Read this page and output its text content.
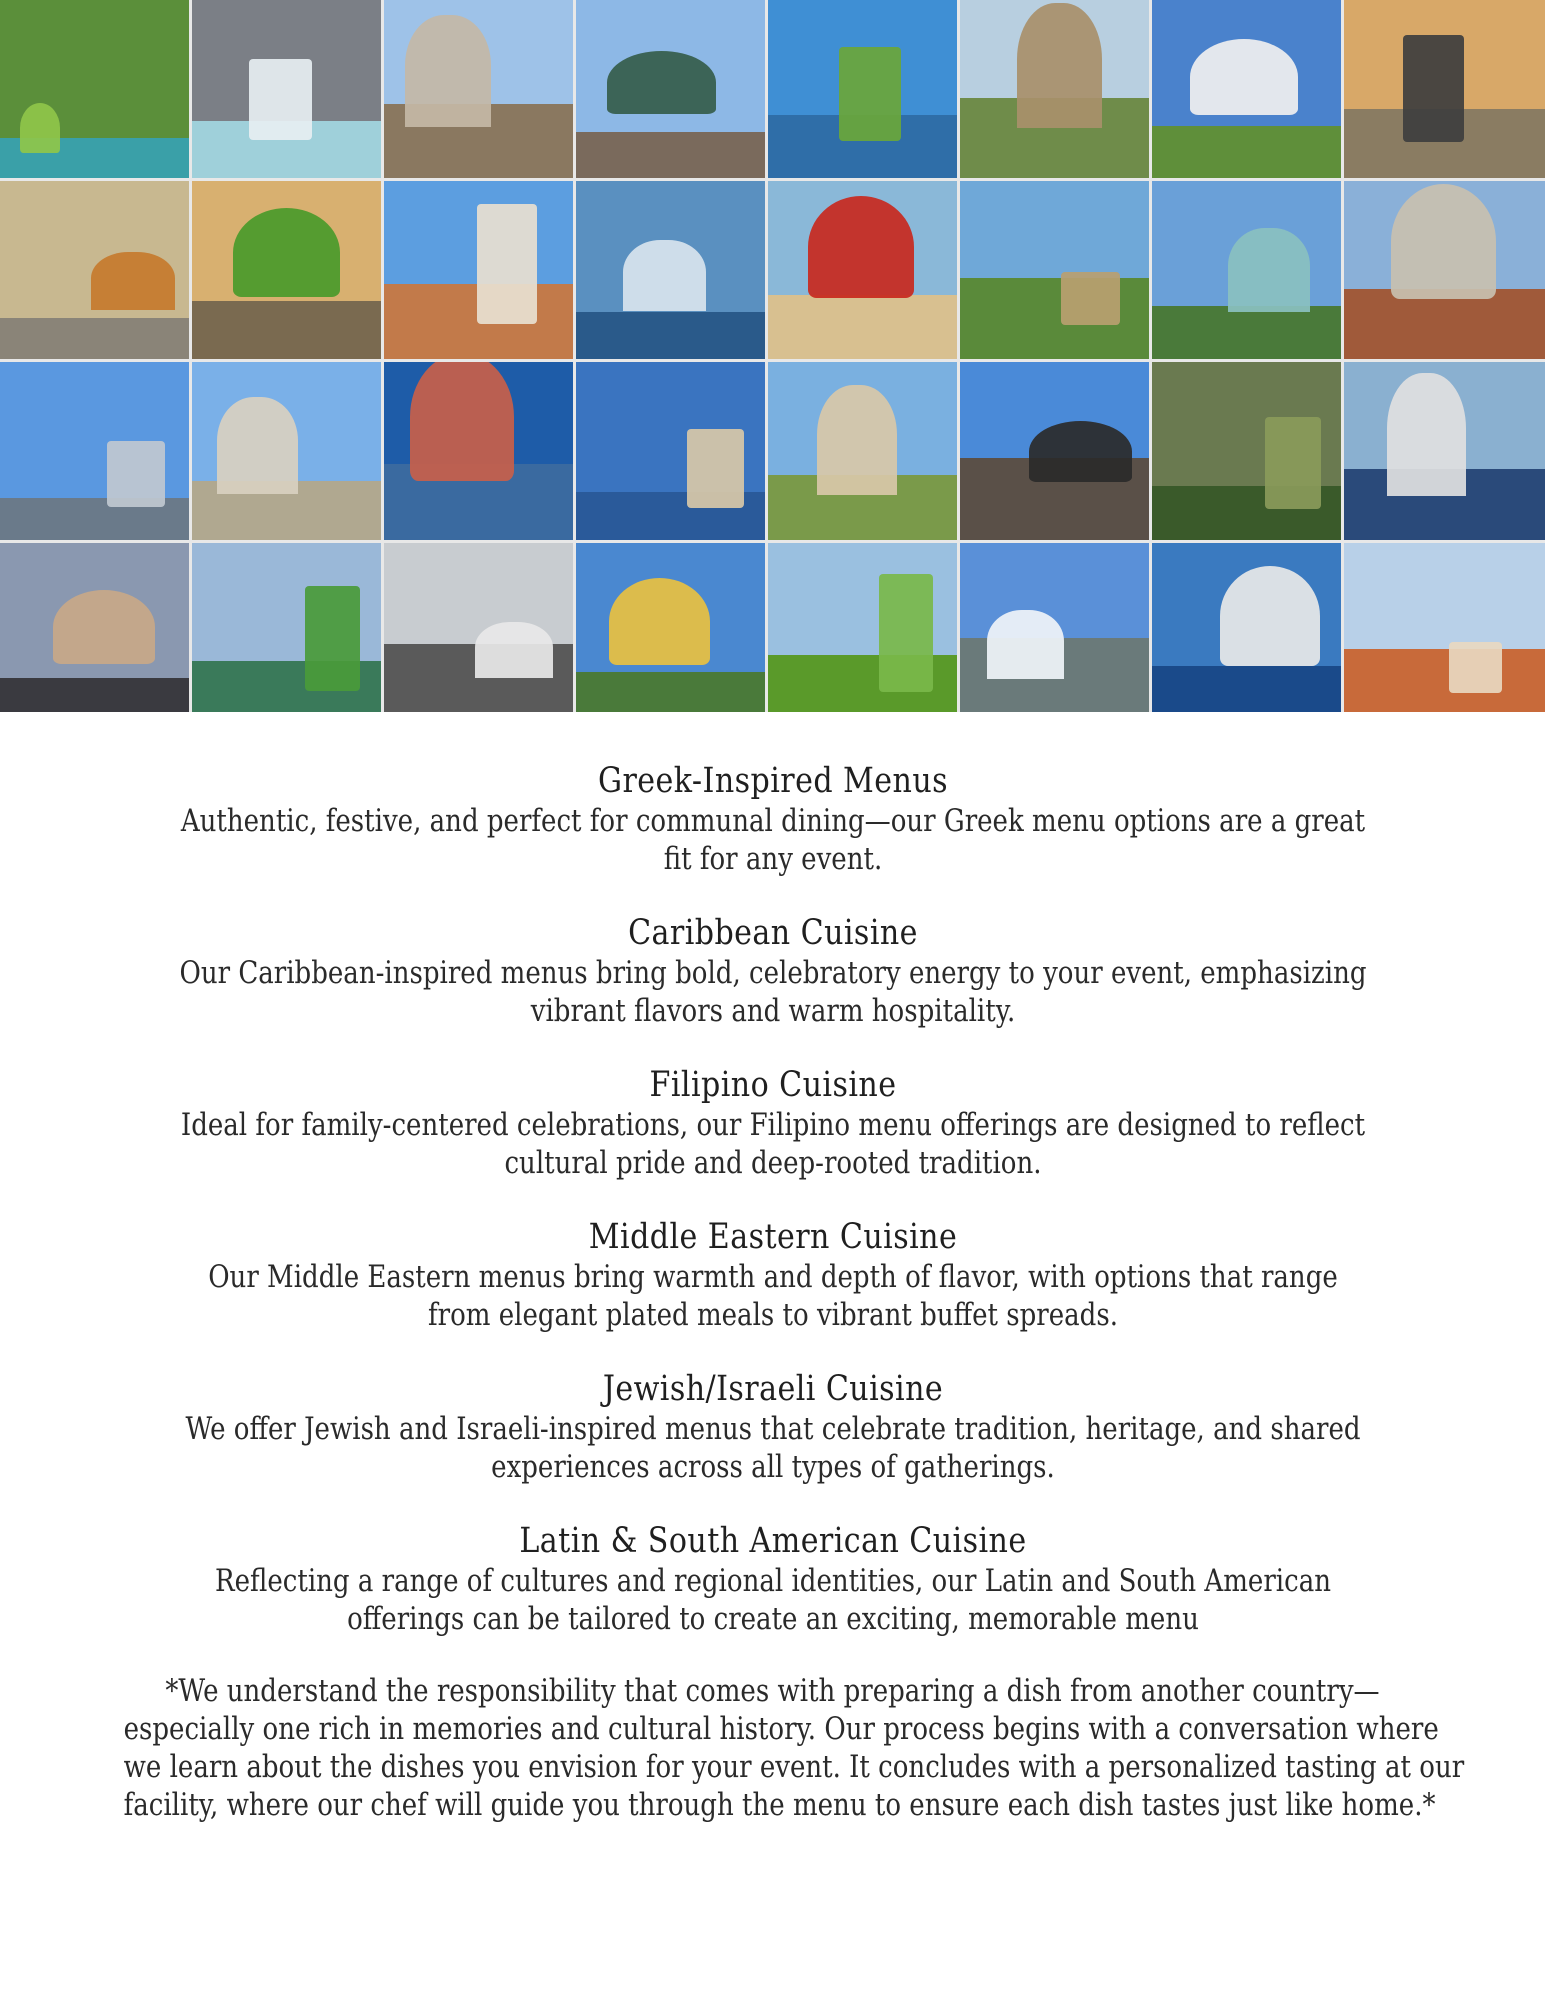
Greek-Inspired Menus

Authentic, festive, and perfect for communal dining—our Greek menu options are a great
fit for any event.

Caribbean Cuisine

Our Caribbean-inspired menus bring bold, celebratory energy to your event, emphasizing
vibrant flavors and warm hospitality.

Filipino Cuisine

Ideal for family-centered celebrations, our Filipino menu offerings are designed to reflect
cultural pride and deep-rooted tradition.

Middle Eastern Cuisine

Our Middle Eastern menus bring warmth and depth of flavor, with options that range
from elegant plated meals to vibrant buffet spreads.

Jewish/Israeli Cuisine

We offer Jewish and Israeli-inspired menus that celebrate tradition, heritage, and shared
experiences across all types of gatherings.

Latin & South American Cuisine

Reflecting a range of cultures and regional identities, our Latin and South American
offerings can be tailored to create an exciting, memorable menu

*We understand the responsibility that comes with preparing a dish from another country—
especially one rich in memories and cultural history. Our process begins with a conversation where
we learn about the dishes you envision for your event. It concludes with a personalized tasting at our
facility, where our chef will guide you through the menu to ensure each dish tastes just like home.*
